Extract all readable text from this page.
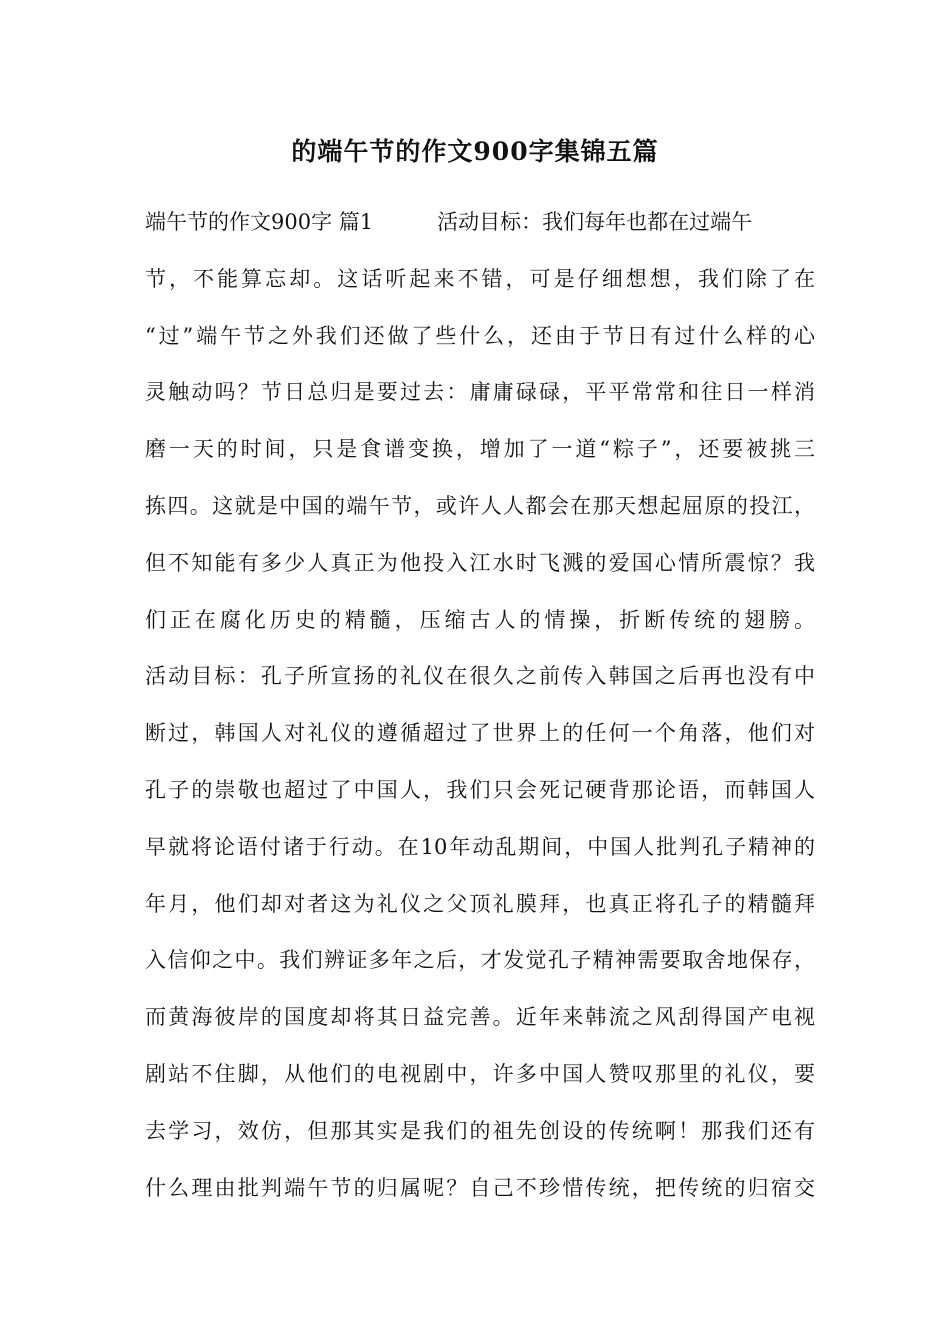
的端午节的作文900字集锦五篇
端午节的作文900字 篇1	活动目标：我们每年也都在过端午
节，不能算忘却。这话听起来不错，可是仔细想想，我们除了在
“过”端午节之外我们还做了些什么，还由于节日有过什么样的心
灵触动吗？节日总归是要过去：庸庸碌碌，平平常常和往日一样消
磨一天的时间，只是食谱变换，增加了一道“粽子”，还要被挑三
拣四。这就是中国的端午节，或许人人都会在那天想起屈原的投江，
但不知能有多少人真正为他投入江水时飞溅的爱国心情所震惊？我
们正在腐化历史的精髓，压缩古人的情操，折断传统的翅膀。
活动目标：孔子所宣扬的礼仪在很久之前传入韩国之后再也没有中
断过，韩国人对礼仪的遵循超过了世界上的任何一个角落，他们对
孔子的崇敬也超过了中国人，我们只会死记硬背那论语，而韩国人
早就将论语付诸于行动。在10年动乱期间，中国人批判孔子精神的
年月，他们却对者这为礼仪之父顶礼膜拜，也真正将孔子的精髓拜
入信仰之中。我们辨证多年之后，才发觉孔子精神需要取舍地保存，
而黄海彼岸的国度却将其日益完善。近年来韩流之风刮得国产电视
剧站不住脚，从他们的电视剧中，许多中国人赞叹那里的礼仪，要
去学习，效仿，但那其实是我们的祖先创设的传统啊！那我们还有
什么理由批判端午节的归属呢？自己不珍惜传统，把传统的归宿交
